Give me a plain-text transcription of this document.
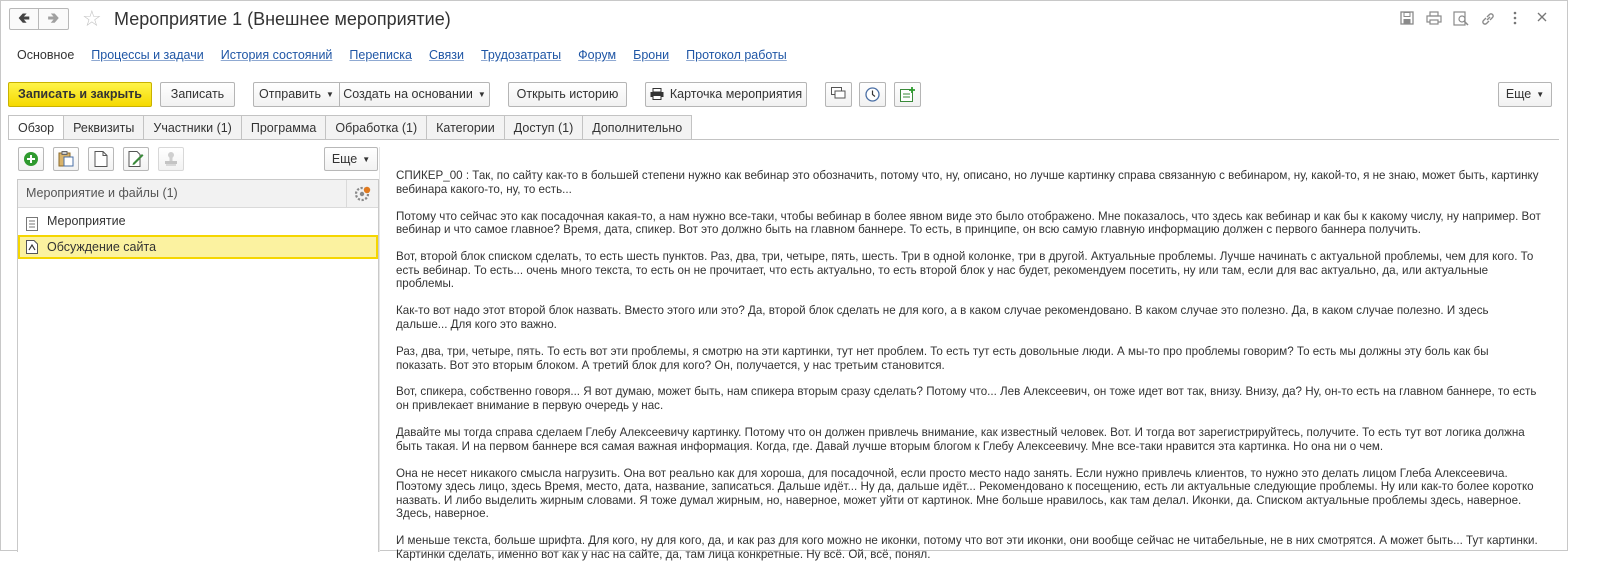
🢀	🢂	☆ Мероприятие 1 (Внешнее мероприятие)
Основное Процессы и задачи История состояний Переписка Связи Трудозатраты Форум Брони Протокол работы
Записать и закрыть	Записать	Отправить ▼ Создать на основании ▼	Открыть историю	Карточка мероприятия	Еще ▼
Обзор	Реквизиты	Участники (1)	Программа	Обработка (1)	Категории	Доступ (1)	Дополнительно
Еще ▼
Мероприятие и файлы (1)
Мероприятие
Обсуждение сайта

СПИКЕР_00 : Так, по сайту как-то в большей степени нужно как вебинар это обозначить, потому что, ну, описано, но лучше картинку справа связанную с вебинаром, ну, какой-то, я не знаю, может быть, картинку вебинара какого-то, ну, то есть...

Потому что сейчас это как посадочная какая-то, а нам нужно все-таки, чтобы вебинар в более явном виде это было отображено. Мне показалось, что здесь как вебинар и как бы к какому числу, ну например. Вот вебинар и что самое главное? Время, дата, спикер. Вот это должно быть на главном баннере. То есть, в принципе, он всю самую главную информацию должен с первого баннера получить.

Вот, второй блок списком сделать, то есть шесть пунктов. Раз, два, три, четыре, пять, шесть. Три в одной колонке, три в другой. Актуальные проблемы. Лучше начинать с актуальной проблемы, чем для кого. То есть вебинар. То есть... очень много текста, то есть он не прочитает, что есть актуально, то есть второй блок у нас будет, рекомендуем посетить, ну или там, если для вас актуально, да, или актуальные проблемы.

Как-то вот надо этот второй блок назвать. Вместо этого или это? Да, второй блок сделать не для кого, а в каком случае рекомендовано. В каком случае это полезно. Да, в каком случае полезно. И здесь дальше... Для кого это важно.

Раз, два, три, четыре, пять. То есть вот эти проблемы, я смотрю на эти картинки, тут нет проблем. То есть тут есть довольные люди. А мы-то про проблемы говорим? То есть мы должны эту боль как бы показать. Вот это вторым блоком. А третий блок для кого? Он, получается, у нас третьим становится.

Вот, спикера, собственно говоря... Я вот думаю, может быть, нам спикера вторым сразу сделать? Потому что... Лев Алексеевич, он тоже идет вот так, внизу. Внизу, да? Ну, он-то есть на главном баннере, то есть он привлекает внимание в первую очередь у нас.

Давайте мы тогда справа сделаем Глебу Алексеевичу картинку. Потому что он должен привлечь внимание, как известный человек. Вот. И тогда вот зарегистрируйтесь, получите. То есть тут вот логика должна быть такая. И на первом баннере вся самая важная информация. Когда, где. Давай лучше вторым блогом к Глебу Алексеевичу. Мне все-таки нравится эта картинка. Но она ни о чем.

Она не несет никакого смысла нагрузить. Она вот реально как для хороша, для посадочной, если просто место надо занять. Если нужно привлечь клиентов, то нужно это делать лицом Глеба Алексеевича. Поэтому здесь лицо, здесь Время, место, дата, название, записаться. Дальше идёт... Ну да, дальше идёт... Рекомендовано к посещению, есть ли актуальные следующие проблемы. Ну или как-то более коротко назвать. И либо выделить жирным словами. Я тоже думал жирным, но, наверное, может уйти от картинок. Мне больше нравилось, как там делал. Иконки, да. Списком актуальные проблемы здесь, наверное. Здесь, наверное.

И меньше текста, больше шрифта. Для кого, ну для кого, да, и как раз для кого можно не иконки, потому что вот эти иконки, они вообще сейчас не читабельные, не в них смотрятся. А может быть... Тут картинки. Картинки сделать, именно вот как у нас на сайте, да, там лица конкретные. Ну всё. Ой, всё, понял.
